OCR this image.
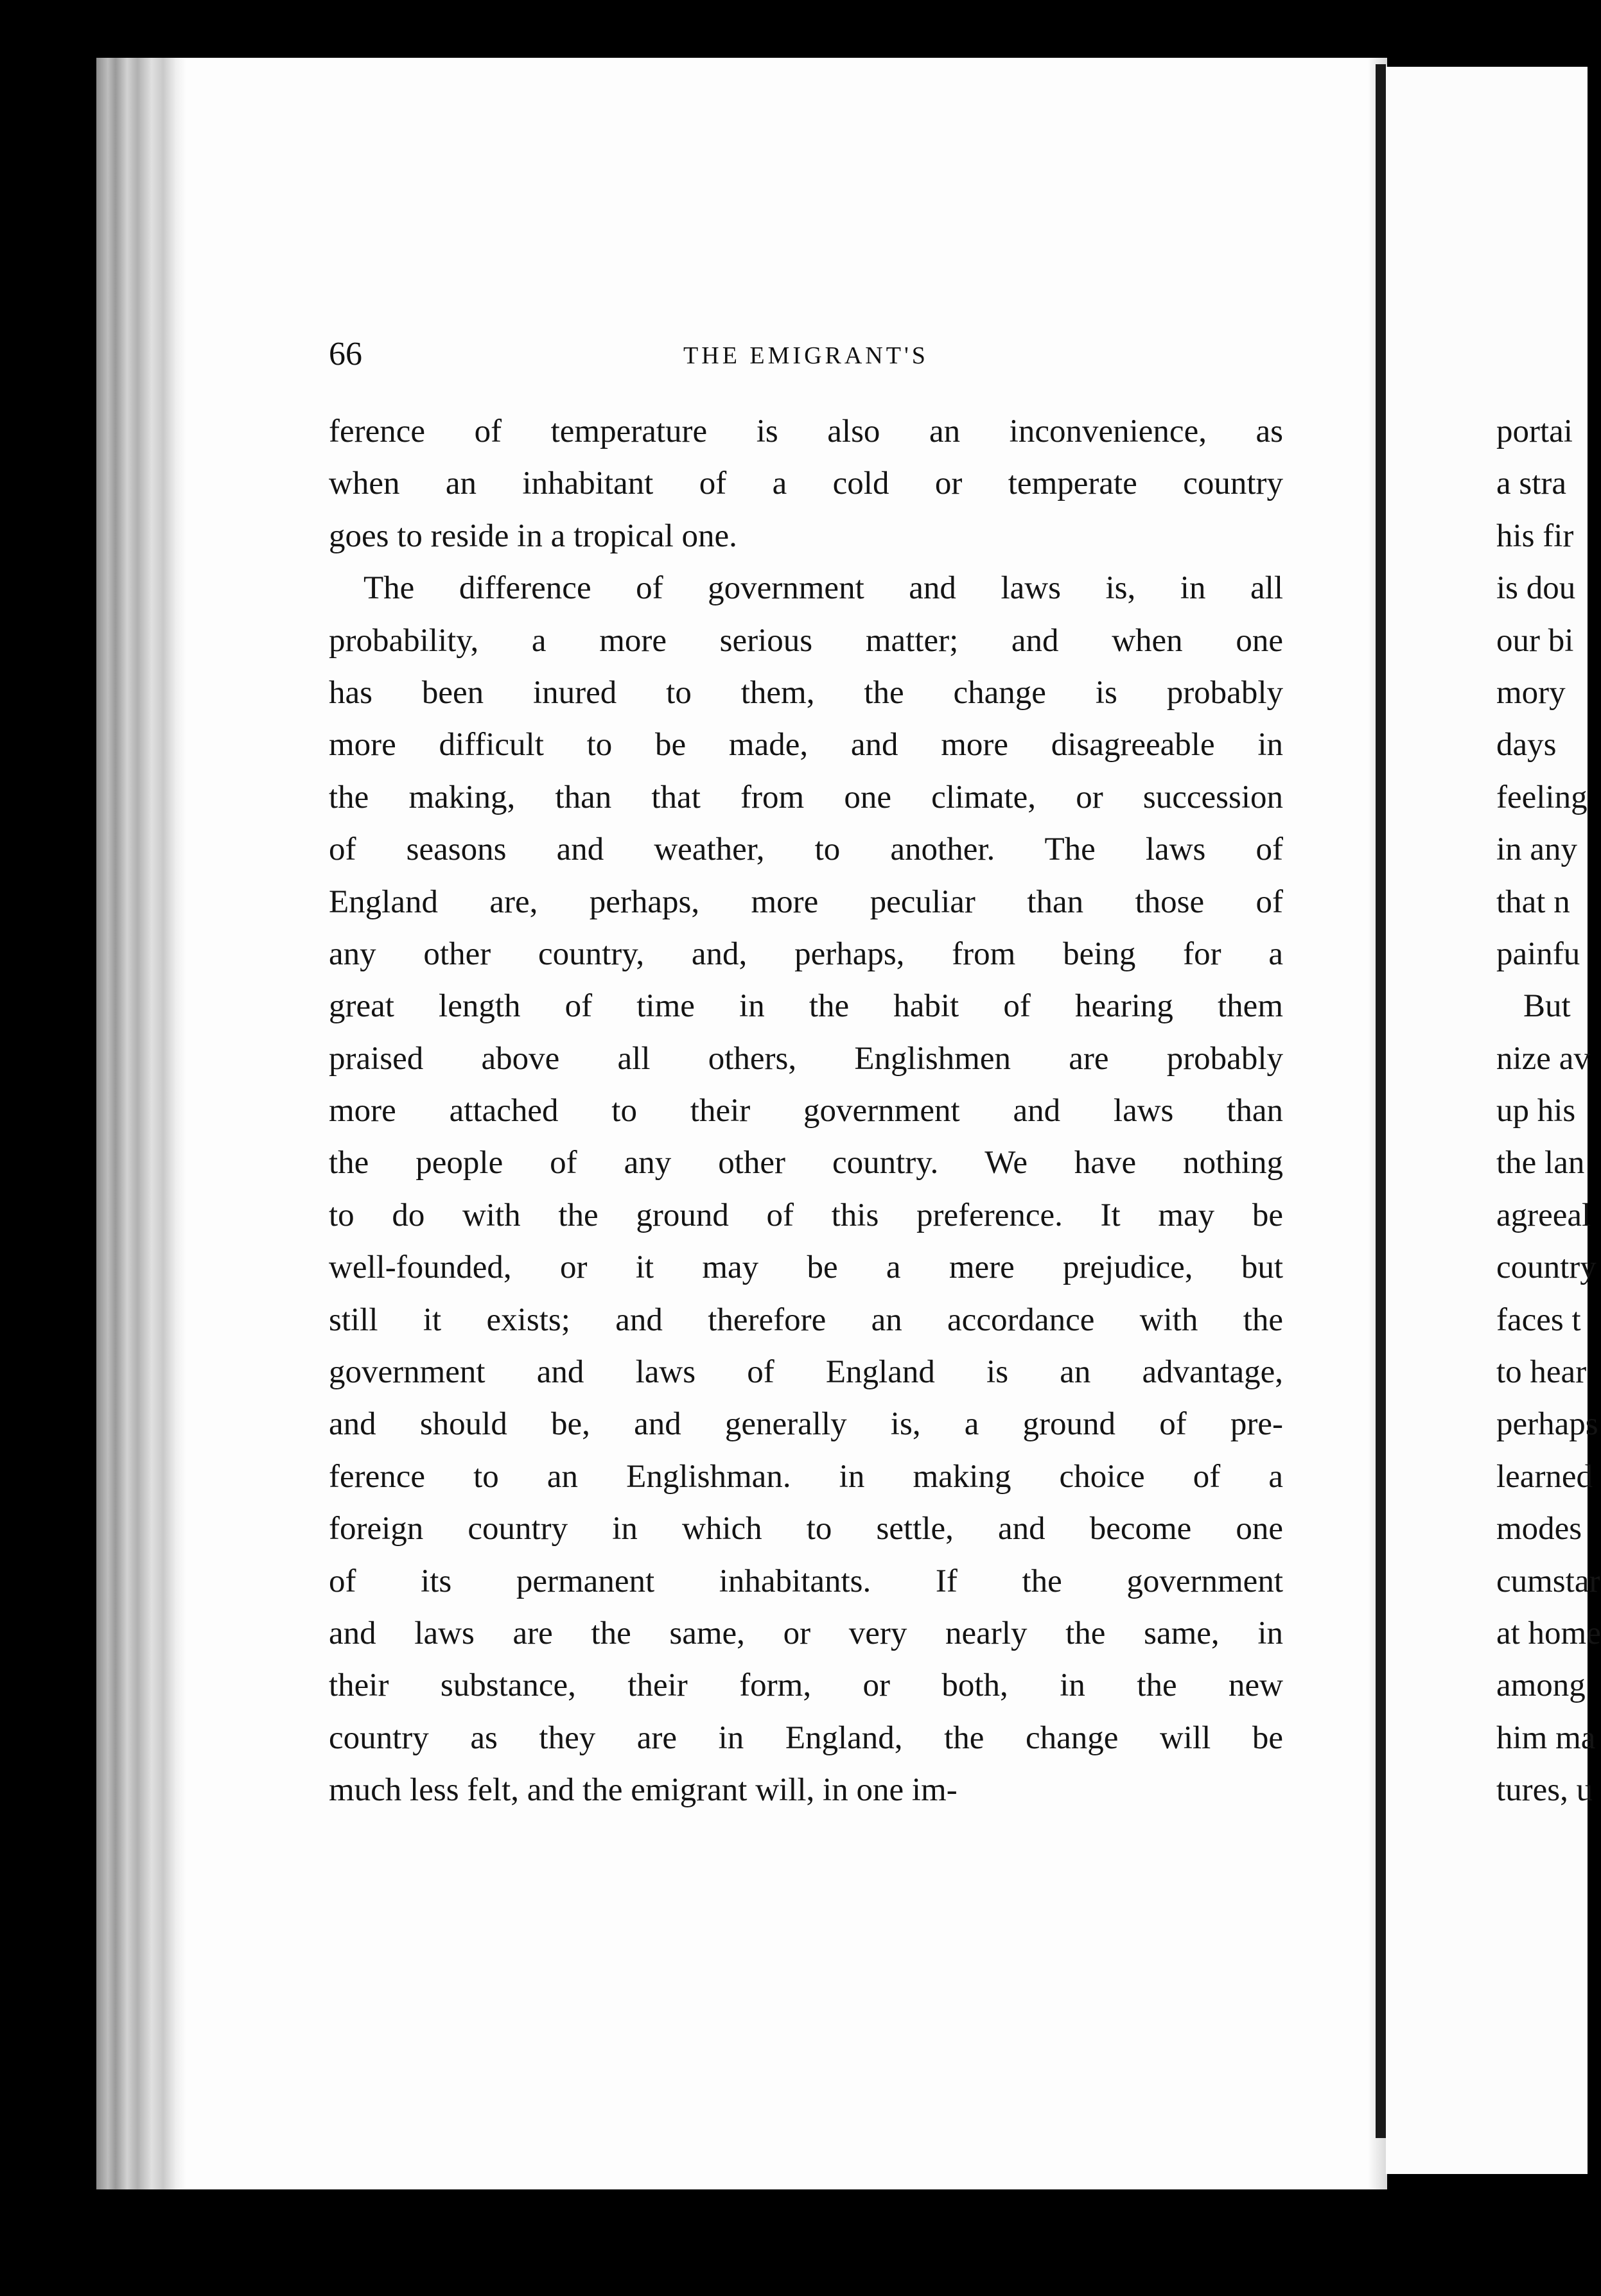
portai
a stra
his fir
is dou
our bi
mory
days
feeling
in any
that n
painfu
But
nize av
up his
the lan
agreeal
country
faces t
to hear
perhaps
learned
modes
cumstar
at home
among
him ma
tures, u
66	THE EMIGRANT'S
ference of temperature is also an inconvenience, as
when an inhabitant of a cold or temperate country
goes to reside in a tropical one.
The difference of government and laws is, in all
probability, a more serious matter; and when one
has been inured to them, the change is probably
more difficult to be made, and more disagreeable in
the making, than that from one climate, or succession
of seasons and weather, to another. The laws of
England are, perhaps, more peculiar than those of
any other country, and, perhaps, from being for a
great length of time in the habit of hearing them
praised above all others, Englishmen are probably
more attached to their government and laws than
the people of any other country. We have nothing
to do with the ground of this preference. It may be
well-founded, or it may be a mere prejudice, but
still it exists; and therefore an accordance with the
government and laws of England is an advantage,
and should be, and generally is, a ground of pre-
ference to an Englishman. in making choice of a
foreign country in which to settle, and become one
of its permanent inhabitants. If the government
and laws are the same, or very nearly the same, in
their substance, their form, or both, in the new
country as they are in England, the change will be
much less felt, and the emigrant will, in one im-
